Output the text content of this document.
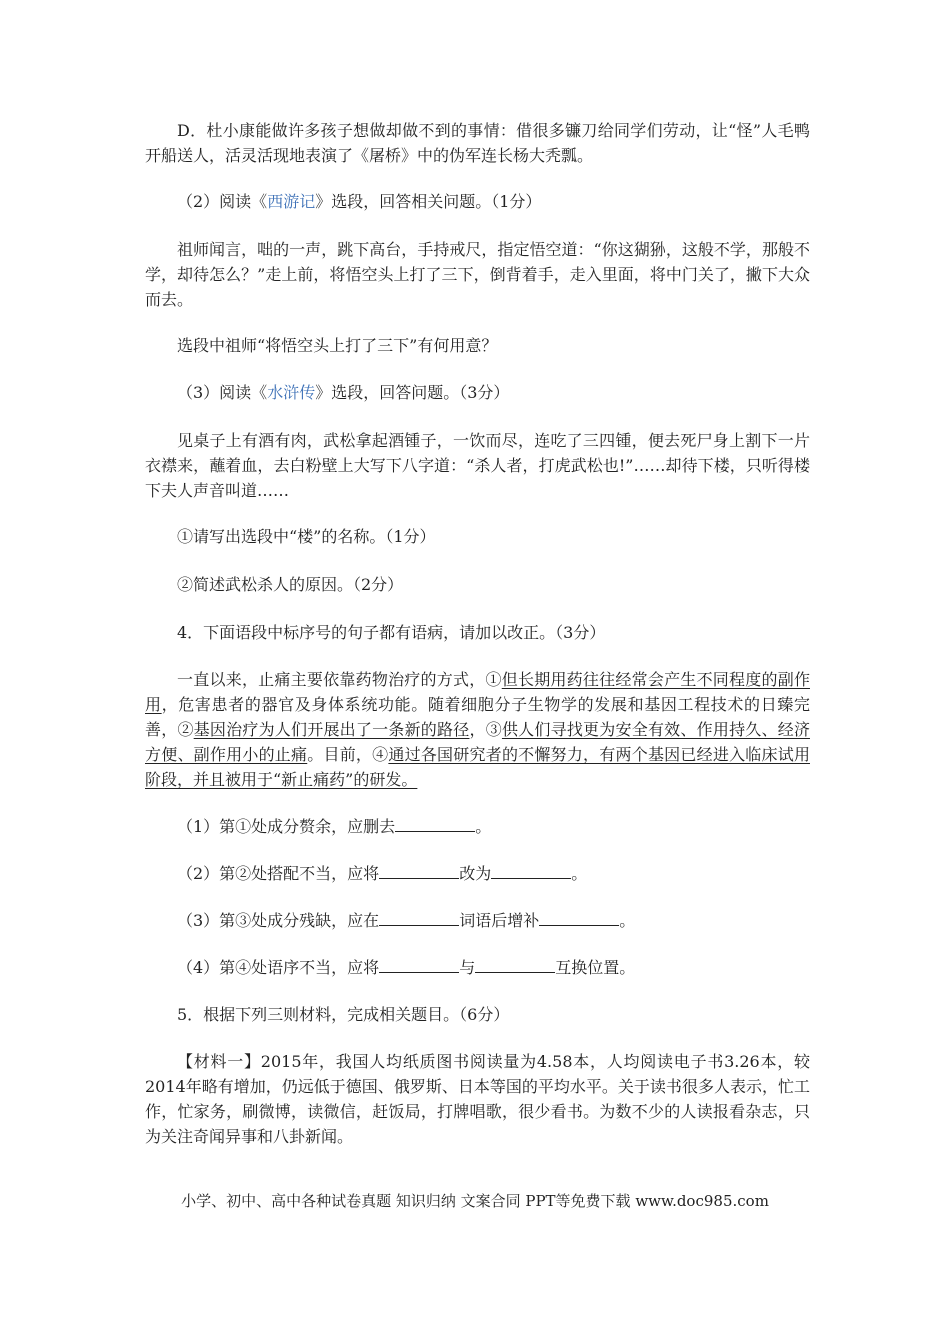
D．杜小康能做许多孩子想做却做不到的事情：借很多镰刀给同学们劳动，让“怪”人毛鸭开船送人，活灵活现地表演了《屠桥》中的伪军连长杨大秃瓢。
（2）阅读《西游记》选段，回答相关问题。（1分）
祖师闻言，咄的一声，跳下高台，手持戒尺，指定悟空道：“你这猢狲，这般不学，那般不学，却待怎么？”走上前，将悟空头上打了三下，倒背着手，走入里面，将中门关了，撇下大众而去。
选段中祖师“将悟空头上打了三下”有何用意？
（3）阅读《水浒传》选段，回答问题。（3分）
见桌子上有酒有肉，武松拿起酒锺子，一饮而尽，连吃了三四锺，便去死尸身上割下一片衣襟来，蘸着血，去白粉壁上大写下八字道：“杀人者，打虎武松也!”……却待下楼，只听得楼下夫人声音叫道……
①请写出选段中“楼”的名称。（1分）
②简述武松杀人的原因。（2分）
4．下面语段中标序号的句子都有语病，请加以改正。（3分）
一直以来，止痛主要依靠药物治疗的方式，①但长期用药往往经常会产生不同程度的副作用，危害患者的器官及身体系统功能。随着细胞分子生物学的发展和基因工程技术的日臻完善，②基因治疗为人们开展出了一条新的路径，③供人们寻找更为安全有效、作用持久、经济方便、副作用小的止痛。目前，④通过各国研究者的不懈努力，有两个基因已经进入临床试用阶段，并且被用于“新止痛药”的研发。
（1）第①处成分赘余，应删去	。
（2）第②处搭配不当，应将	改为	。
（3）第③处成分残缺，应在	词语后增补	。
（4）第④处语序不当，应将	与	互换位置。
5．根据下列三则材料，完成相关题目。（6分）
【材料一】2015年，我国人均纸质图书阅读量为4.58本，人均阅读电子书3.26本，较2014年略有增加，仍远低于德国、俄罗斯、日本等国的平均水平。关于读书很多人表示，忙工作，忙家务，刷微博，读微信，赶饭局，打牌唱歌，很少看书。为数不少的人读报看杂志，只为关注奇闻异事和八卦新闻。
小学、初中、高中各种试卷真题 知识归纳 文案合同 PPT等免费下载 www.doc985.com
